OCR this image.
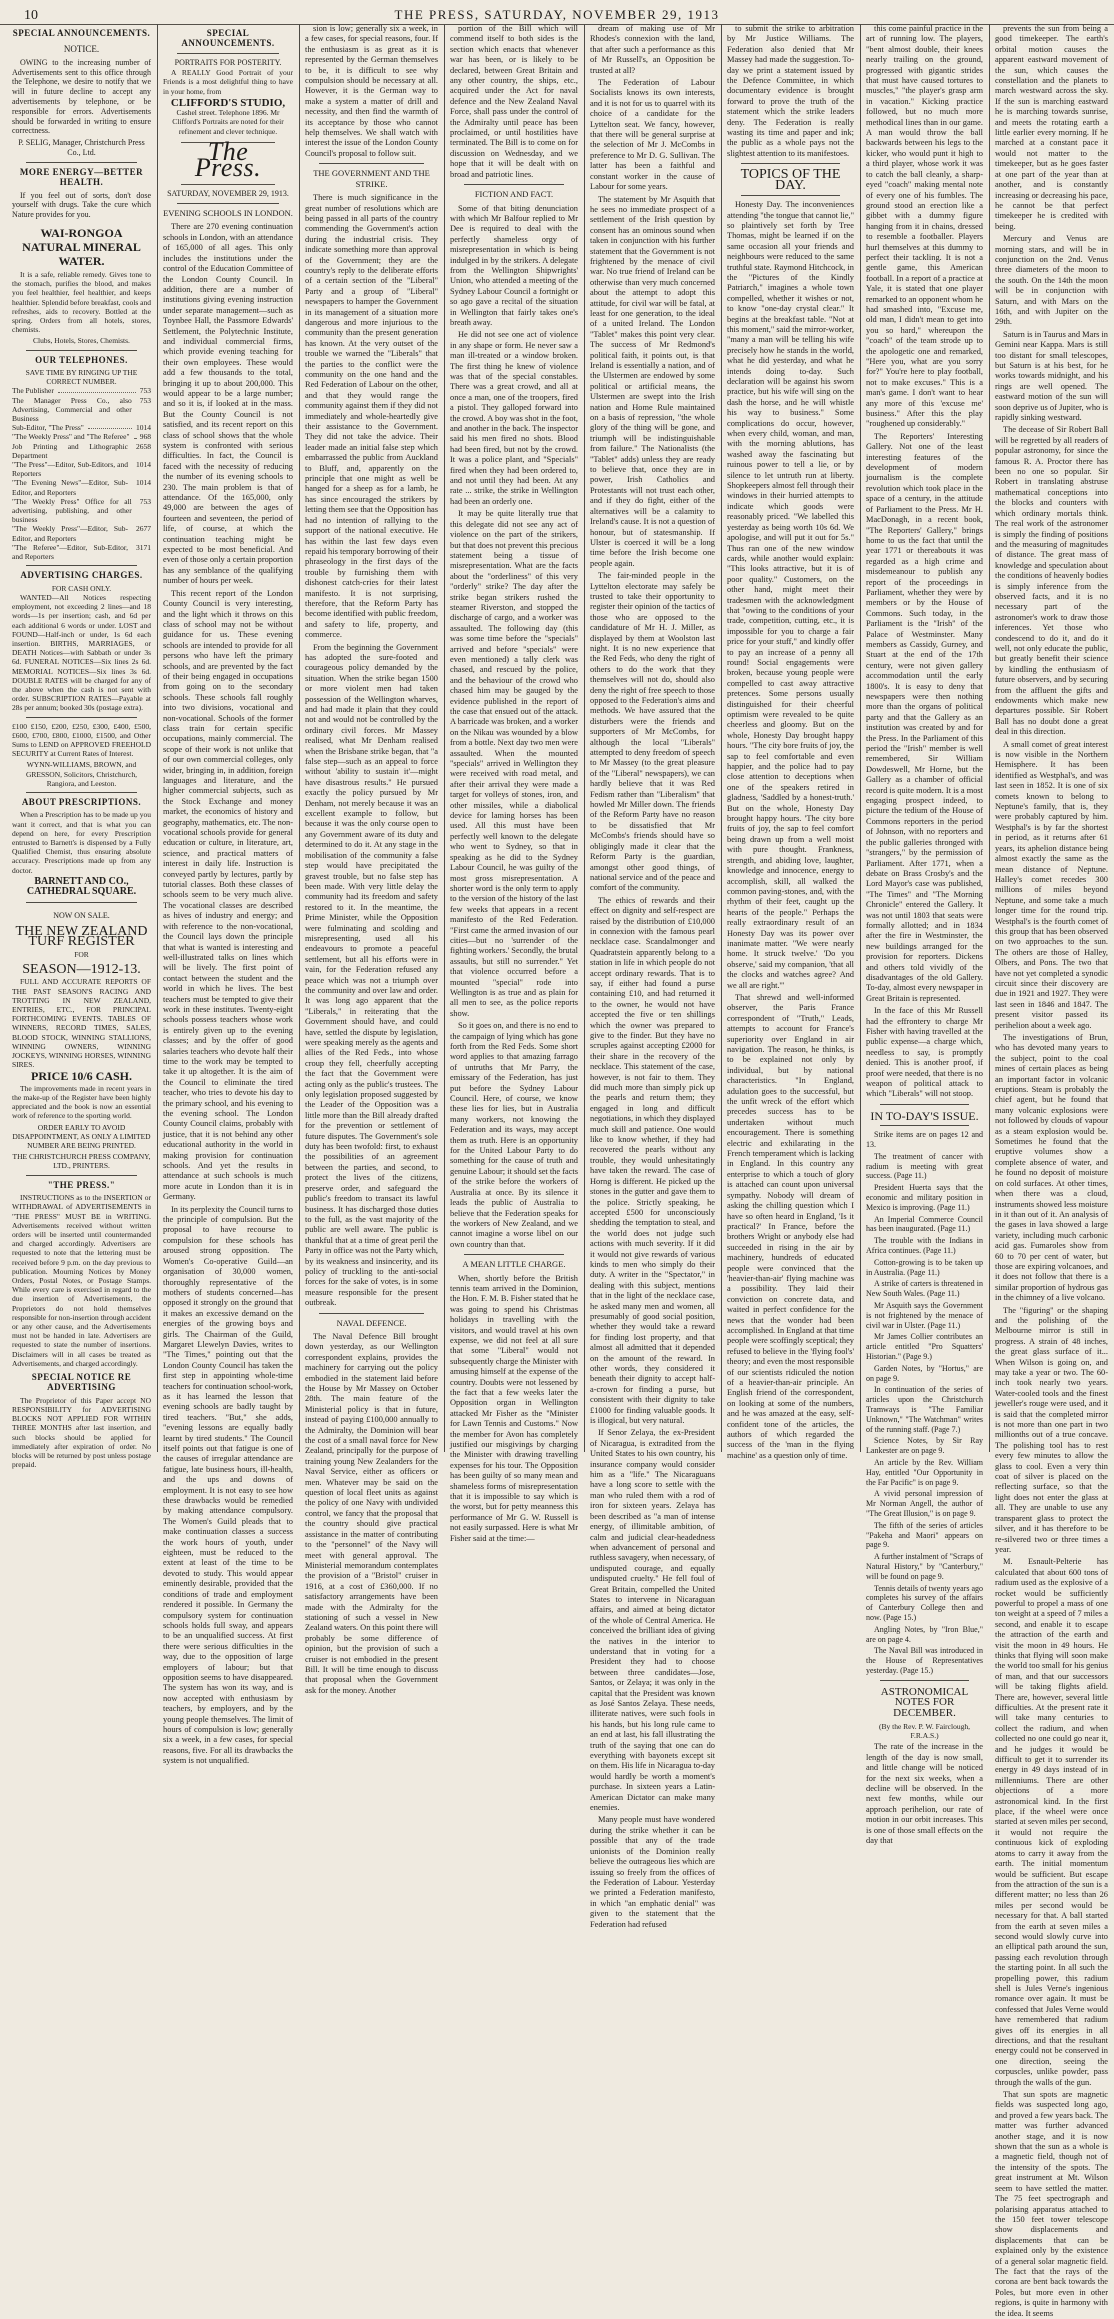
10	THE PRESS, SATURDAY, NOVEMBER 29, 1913
SPECIAL ANNOUNCEMENTS.
NOTICE.

OWING to the increasing number of Advertisements sent to this office through the Telephone, we desire to notify that we will in future decline to accept any advertisements by telephone, or be responsible for errors. Advertisements should be forwarded in writing to ensure correctness.

P. SELIG, Manager, Christchurch Press Co., Ltd.

MORE ENERGY—BETTER HEALTH.

If you feel out of sorts, don't dose yourself with drugs. Take the cure which Nature provides for you.

WAI-RONGOA NATURAL MINERAL WATER.

It is a safe, reliable remedy. Gives tone to the stomach, purifies the blood, and makes you feel healthier, feel healthier, and keeps healthier. Splendid before breakfast, cools and refreshes, aids to recovery. Bottled at the spring. Orders from all hotels, stores, chemists.

Clubs, Hotels, Stores, Chemists.

OUR TELEPHONES.
SAVE TIME BY RINGING UP THE CORRECT NUMBER.
The Publisher	753
The Manager Press Co., also Advertising, Commercial and other Business
753
Sub-Editor, "The Press"	1014
"The Weekly Press" and "The Referee" 968
Job Printing and Lithographic Department
2658
"The Press"—Editor, Sub-Editors, and Reporters
1014
"The Evening News"—Editor, Sub-Editor, and Reporters
1014
"The Weekly Press" Office for all advertising, publishing, and other business
753
"The Weekly Press"—Editor, Sub-Editor, and Reporters
2677
"The Referee"—Editor, Sub-Editor, and Reporters
3171
ADVERTISING CHARGES.
FOR CASH ONLY.

WANTED—All Notices respecting employment, not exceeding 2 lines—and 18 words—1s per insertion; cash, and 6d per each additional 6 words or under. LOST and FOUND—Half-inch or under, 1s 6d each insertion. BIRTHS, MARRIAGES, or DEATH Notices—with Sabbath or under 3s 6d. FUNERAL NOTICES—Six lines 2s 6d. MEMORIAL NOTICES—Six lines 3s 6d. DOUBLE RATES will be charged for any of the above when the cash is not sent with order. SUBSCRIPTION RATES—Payable at 28s per annum; booked 30s (postage extra).

£100 £150, £200, £250, £300, £400, £500, £600, £700, £800, £1000, £1500, and Other Sums to LEND on APPROVED FREEHOLD SECURITY at Current Rates of Interest.

WYNN-WILLIAMS, BROWN, and GRESSON, Solicitors, Christchurch, Rangiora, and Leeston.

ABOUT PRESCRIPTIONS.

When a Prescription has to be made up you want it correct, and that is what you can depend on here, for every Prescription entrusted to Barnett's is dispensed by a Fully Qualified Chemist, thus ensuring absolute accuracy. Prescriptions made up from any doctor.

BARNETT AND CO., CATHEDRAL SQUARE.

NOW ON SALE.
THE NEW ZEALAND TURF REGISTER
FOR
SEASON—1912-13.

FULL AND ACCURATE REPORTS OF THE PAST SEASON'S RACING AND TROTTING IN NEW ZEALAND, ENTRIES, ETC., FOR PRINCIPAL FORTHCOMING EVENTS. TABLES OF WINNERS, RECORD TIMES, SALES, BLOOD STOCK, WINNING STALLIONS, WINNING OWNERS, WINNING JOCKEYS, WINNING HORSES, WINNING SIRES.

PRICE 10/6 CASH.

The improvements made in recent years in the make-up of the Register have been highly appreciated and the book is now an essential work of reference to the sporting world.

ORDER EARLY TO AVOID DISAPPOINTMENT, AS ONLY A LIMITED NUMBER ARE BEING PRINTED.

THE CHRISTCHURCH PRESS COMPANY, LTD., PRINTERS.

"THE PRESS."

INSTRUCTIONS as to the INSERTION or WITHDRAWAL of ADVERTISEMENTS in "THE PRESS" MUST BE in WRITING. Advertisements received without written orders will be inserted until countermanded and charged accordingly. Advertisers are requested to note that the lettering must be received before 9 p.m. on the day previous to publication. Mourning Notices by Money Orders, Postal Notes, or Postage Stamps. While every care is exercised in regard to the due insertion of Advertisements, the Proprietors do not hold themselves responsible for non-insertion through accident or any other cause, and the Advertisements must not be handed in late. Advertisers are requested to state the number of insertions. Disclaimers will in all cases be treated as Advertisements, and charged accordingly.

SPECIAL NOTICE RE ADVERTISING

The Proprietor of this Paper accept NO RESPONSIBILITY for ADVERTISING BLOCKS NOT APPLIED FOR WITHIN THREE MONTHS after last insertion, and such blocks should be applied for immediately after expiration of order. No blocks will be returned by post unless postage prepaid.

SPECIAL ANNOUNCEMENTS.
PORTRAITS FOR POSTERITY.

A REALLY Good Portrait of your Friends is a most delightful thing to have in your home, from

CLIFFORD'S STUDIO,

Cashel street. Telephone 1896. Mr Clifford's Portraits are noted for their refinement and clever technique.

The Press.
SATURDAY, NOVEMBER 29, 1913.
EVENING SCHOOLS IN LONDON.

There are 270 evening continuation schools in London, with an attendance of 165,000 of all ages. This only includes the institutions under the control of the Education Committee of the London County Council. In addition, there are a number of institutions giving evening instruction under separate management—such as Toynbee Hall, the Passmore Edwards' Settlement, the Polytechnic Institute, and individual commercial firms, which provide evening teaching for their own employees. These would add a few thousands to the total, bringing it up to about 200,000. This would appear to be a large number; and so it is, if looked at in the mass. But the County Council is not satisfied, and its recent report on this class of school shows that the whole system is confronted with serious difficulties. In fact, the Council is faced with the necessity of reducing the number of its evening schools to 230. The main problem is that of attendance. Of the 165,000, only 49,000 are between the ages of fourteen and seventeen, the period of life, of course, at which the continuation teaching might be expected to be most beneficial. And even of those only a certain proportion has any semblance of the qualifying number of hours per week.

This recent report of the London County Council is very interesting, and the light which it throws on this class of school may not be without guidance for us. These evening schools are intended to provide for all persons who have left the primary schools, and are prevented by the fact of their being engaged in occupations from going on to the secondary schools. These schools fall roughly into two divisions, vocational and non-vocational. Schools of the former class train for certain specific occupations, mainly commercial. The scope of their work is not unlike that of our own commercial colleges, only wider, bringing in, in addition, foreign languages and literature, and the higher commercial subjects, such as the Stock Exchange and money market, the economics of history and geography, mathematics, etc. The non-vocational schools provide for general education or culture, in literature, art, science, and practical matters of interest in daily life. Instruction is conveyed partly by lectures, partly by tutorial classes. Both these classes of schools seem to be very much alive. The vocational classes are described as hives of industry and energy; and with reference to the non-vocational, the Council lays down the principle that what is wanted is interesting and well-illustrated talks on lines which will be lively. The first point of contact between the student and the world in which he lives. The best teachers must be tempted to give their work in these institutes. Twenty-eight schools possess teachers whose work is entirely given up to the evening classes; and by the offer of good salaries teachers who devote half their time to the work may be tempted to take it up altogether. It is the aim of the Council to eliminate the tired teacher, who tries to devote his day to the primary school, and his evening to the evening school. The London County Council claims, probably with justice, that it is not behind any other educational authority in the world in making provision for continuation schools. And yet the results in attendance at such schools is much more acute in London than it is in Germany.

In its perplexity the Council turns to the principle of compulsion. But the proposal to have recourse to compulsion for these schools has aroused strong opposition. The Women's Co-operative Guild—an organisation of 30,000 women, thoroughly representative of the mothers of students concerned—has opposed it strongly on the ground that it makes an excessive demand on the energies of the growing boys and girls. The Chairman of the Guild, Margaret Llewelyn Davies, writes to "The Times," pointing out that the London County Council has taken the first step in appointing whole-time teachers for continuation school-work, as it has learned the lesson that evening schools are badly taught by tired teachers. "But," she adds, "evening lessons are equally badly learnt by tired students." The Council itself points out that fatigue is one of the causes of irregular attendance are fatigue, late business hours, ill-health, and the ups and downs of employment. It is not easy to see how these drawbacks would be remedied by making attendance compulsory. The Women's Guild pleads that to make continuation classes a success the work hours of youth, under eighteen, must be reduced to the extent at least of the time to be devoted to study. This would appear eminently desirable, provided that the conditions of trade and employment rendered it possible. In Germany the compulsory system for continuation schools holds full sway, and appears to be an unqualified success. At first there were serious difficulties in the way, due to the opposition of large employers of labour; but that opposition seems to have disappeared. The system has won its way, and is now accepted with enthusiasm by teachers, by employers, and by the young people themselves. The limit of hours of compulsion is low; generally six a week, in a few cases, for special reasons, five. For all its drawbacks the system is not unqualified.

sion is low; generally six a week, in a few cases, for special reasons, four. If the enthusiasm is as great as it is represented by the German themselves to be, it is difficult to see why compulsion should be necessary at all. However, it is the German way to make a system a matter of drill and necessity, and then find the warmth of its acceptance by those who cannot help themselves. We shall watch with interest the issue of the London County Council's proposal to follow suit.

THE GOVERNMENT AND THE STRIKE.

There is much significance in the great number of resolutions which are being passed in all parts of the country commending the Government's action during the industrial crisis. They indicate something more than approval of the Government; they are the country's reply to the deliberate efforts of a certain section of the "Liberal" Party and a group of "Liberal" newspapers to hamper the Government in its management of a situation more dangerous and more injurious to the community than the present generation has known. At the very outset of the trouble we warned the "Liberals" that the parties to the conflict were the community on the one hand and the Red Federation of Labour on the other, and that they would range the community against them if they did not immediately and whole-heartedly give their assistance to the Government. They did not take the advice. Their leader made an initial false step which embarrassed the public from Auckland to Bluff, and, apparently on the principle that one might as well be hanged for a sheep as for a lamb, he has since encouraged the strikers by letting them see that the Opposition has had no intention of rallying to the support of the national executive. He has within the last few days even repaid his temporary borrowing of their phraseology in the first days of the trouble by furnishing them with dishonest catch-cries for their latest manifesto. It is not surprising, therefore, that the Reform Party has become identified with public freedom, and safety to life, property, and commerce.

From the beginning the Government has adopted the sure-footed and courageous policy demanded by the situation. When the strike began 1500 or more violent men had taken possession of the Wellington wharves, and had made it plain that they could not and would not be controlled by the ordinary civil forces. Mr Massey realised, what Mr Denham realised when the Brisbane strike began, that "a false step—such as an appeal to force without 'ability to sustain it'—might have disastrous results." He pursued exactly the policy pursued by Mr Denham, not merely because it was an excellent example to follow, but because it was the only course open to any Government aware of its duty and determined to do it. At any stage in the mobilisation of the community a false step would have precipitated the gravest trouble, but no false step has been made. With very little delay the community had its freedom and safety restored to it. In the meantime, the Prime Minister, while the Opposition were fulminating and scolding and misrepresenting, used all his endeavours to promote a peaceful settlement, but all his efforts were in vain, for the Federation refused any peace which was not a triumph over the community and over law and order. It was long ago apparent that the "Liberals," in reiterating that the Government should have, and could have, settled the dispute by legislation, were speaking merely as the agents and allies of the Red Feds., into whose croup they fell, cheerfully accepting the fact that the Government were acting only as the public's trustees. The only legislation proposed suggested by the Leader of the Opposition was a little more than the Bill already drafted for the prevention or settlement of future disputes. The Government's sole duty has been twofold: first, to exhaust the possibilities of an agreement between the parties, and second, to protect the lives of the citizens, preserve order, and safeguard the public's freedom to transact its lawful business. It has discharged those duties to the full, as the vast majority of the public are well aware. The public is thankful that at a time of great peril the Party in office was not the Party which, by its weakness and insincerity, and its policy of truckling to the anti-social forces for the sake of votes, is in some measure responsible for the present outbreak.

NAVAL DEFENCE.

The Naval Defence Bill brought down yesterday, as our Wellington correspondent explains, provides the machinery for carrying out the policy embodied in the statement laid before the House by Mr Massey on October 28th. The main feature of the Ministerial policy is that in future, instead of paying £100,000 annually to the Admiralty, the Dominion will bear the cost of a small naval force for New Zealand, principally for the purpose of training young New Zealanders for the Naval Service, either as officers or men. Whatever may be said on the question of local fleet units as against the policy of one Navy with undivided control, we fancy that the proposal that the country should give practical assistance in the matter of contributing to the "personnel" of the Navy will meet with general approval. The Ministerial memorandum contemplates the provision of a "Bristol" cruiser in 1916, at a cost of £360,000. If no satisfactory arrangements have been made with the Admiralty for the stationing of such a vessel in New Zealand waters. On this point there will probably be some difference of opinion, but the provision of such a cruiser is not embodied in the present Bill. It will be time enough to discuss that proposal when the Government ask for the money. Another

portion of the Bill which will commend itself to both sides is the section which enacts that whenever war has been, or is likely to be declared, between Great Britain and any other country, the ships, etc., acquired under the Act for naval defence and the New Zealand Naval Force, shall pass under the control of the Admiralty until peace has been proclaimed, or until hostilities have terminated. The Bill is to come on for discussion on Wednesday, and we hope that it will be dealt with on broad and patriotic lines.

FICTION AND FACT.

Some of that biting denunciation with which Mr Balfour replied to Mr Dee is required to deal with the perfectly shameless orgy of misrepresentation in which is being indulged in by the strikers. A delegate from the Wellington Shipwrights' Union, who attended a meeting of the Sydney Labour Council a fortnight or so ago gave a recital of the situation in Wellington that fairly takes one's breath away.

He did not see one act of violence in any shape or form. He never saw a man ill-treated or a window broken. The first thing he knew of violence was that of the special constables. There was a great crowd, and all at once a man, one of the troopers, fired a pistol. They galloped forward into the crowd. A boy was shot in the foot, and another in the back. The inspector said his men fired no shots. Blood had been fired, but not by the crowd. It was a police plant, and "Specials" fired when they had been ordered to, and not until they had been. At any rate ... strike, the strike in Wellington had been an orderly one.

It may be quite literally true that this delegate did not see any act of violence on the part of the strikers, but that does not prevent this precious statement being a tissue of misrepresentation. What are the facts about the "orderliness" of this very "orderly" strike? The day after the strike began strikers rushed the steamer Riverston, and stopped the discharge of cargo, and a worker was assaulted. The following day (this was some time before the "specials" arrived and before "specials" were even mentioned) a tally clerk was chased, and rescued by the police, and the behaviour of the crowd who chased him may be gauged by the evidence published in the report of the case that ensued out of the attack. A barricade was broken, and a worker on the Nikau was wounded by a blow from a bottle. Next day two men were assaulted. When the mounted "specials" arrived in Wellington they were received with road metal, and after their arrival they were made a target for volleys of stones, iron, and other missiles, while a diabolical device for laming horses has been used. All this must have been perfectly well known to the delegate who went to Sydney, so that in speaking as he did to the Sydney Labour Council, he was guilty of the most gross misrepresentation. A shorter word is the only term to apply to the version of the history of the last few weeks that appears in a recent manifesto of the Red Federation. "First came the armed invasion of our cities—but no 'surrender of the fighting workers.' Secondly, the brutal assaults, but still no surrender." Yet that violence occurred before a mounted "special" rode into Wellington is as true and as plain for all men to see, as the police reports show.

So it goes on, and there is no end to the campaign of lying which has gone forth from the Red Feds. Some short word applies to that amazing farrago of untruths that Mr Parry, the emissary of the Federation, has just put before the Sydney Labour Council. Here, of course, we know these lies for lies, but in Australia many workers, not knowing the Federation and its ways, may accept them as truth. Here is an opportunity for the United Labour Party to do something for the cause of truth and genuine Labour; it should set the facts of the strike before the workers of Australia at once. By its silence it leads the public of Australia to believe that the Federation speaks for the workers of New Zealand, and we cannot imagine a worse libel on our own country than that.

A MEAN LITTLE CHARGE.

When, shortly before the British tennis team arrived in the Dominion, the Hon. F. M. B. Fisher stated that he was going to spend his Christmas holidays in travelling with the visitors, and would travel at his own expense, we did not feel at all sure that some "Liberal" would not subsequently charge the Minister with amusing himself at the expense of the country. Doubts were not lessened by the fact that a few weeks later the Opposition organ in Wellington attacked Mr Fisher as the "Minister for Lawn Tennis and Customs." Now the member for Avon has completely justified our misgivings by charging the Minister with drawing travelling expenses for his tour. The Opposition has been guilty of so many mean and shameless forms of misrepresentation that it is impossible to say which is the worst, but for petty meanness this performance of Mr G. W. Russell is not easily surpassed. Here is what Mr Fisher said at the time:—

dream of making use of Mr Rhodes's connexion with the land, that after such a performance as this of Mr Russell's, an Opposition be trusted at all?

The Federation of Labour Socialists knows its own interests, and it is not for us to quarrel with its choice of a candidate for the Lyttelton seat. We fancy, however, that there will be general surprise at the selection of Mr J. McCombs in preference to Mr D. G. Sullivan. The latter has been a faithful and constant worker in the cause of Labour for some years.

The statement by Mr Asquith that he sees no immediate prospect of a settlement of the Irish question by consent has an ominous sound when taken in conjunction with his further statement that the Government is not frightened by the menace of civil war. No true friend of Ireland can be otherwise than very much concerned about the attempt to adopt this attitude, for civil war will be fatal, at least for one generation, to the ideal of a united Ireland. The London "Tablet" makes this point very clear. The success of Mr Redmond's political faith, it points out, is that Ireland is essentially a nation, and of the Ulstermen are endowed by some political or artificial means, the Ulstermen are swept into the Irish nation and Home Rule maintained on a basis of repression, "the whole glory of the thing will be gone, and triumph will be indistinguishable from failure." The Nationalists (the "Tablet" adds) unless they are ready to believe that, once they are in power, Irish Catholics and Protestants will not trust each other, and if they do fight, either of the alternatives will be a calamity to Ireland's cause. It is not a question of honour, but of statesmanship. If Ulster is coerced it will be a long time before the Irish become one people again.

The fair-minded people in the Lyttelton electorate may safely be trusted to take their opportunity to register their opinion of the tactics of those who are opposed to the candidature of Mr H. J. Miller, as displayed by them at Woolston last night. It is no new experience that the Red Feds, who deny the right of others to do the work that they themselves will not do, should also deny the right of free speech to those opposed to the Federation's aims and methods. We have assured that the disturbers were the friends and supporters of Mr McCombs, for although the local "Liberals" attempted to deny freedom of speech to Mr Massey (to the great pleasure of the "Liberal" newspapers), we can hardly believe that it was Red Fedism rather than "Liberalism" that howled Mr Miller down. The friends of the Reform Party have no reason to be dissatisfied that Mr McCombs's friends should have so obligingly made it clear that the Reform Party is the guardian, amongst other good things, of national service and of the peace and comfort of the community.

The ethics of rewards and their effect on dignity and self-respect are raised by the distribution of £10,000 in connexion with the famous pearl necklace case. Scandalmonger and Quadratstein apparently belong to a station in life in which people do not accept ordinary rewards. That is to say, if either had found a purse containing £10, and had returned it to the owner, he would not have accepted the five or ten shillings which the owner was prepared to give to the finder. But they have no scruples against accepting £2000 for their share in the recovery of the necklace. This statement of the case, however, is not fair to them. They did much more than simply pick up the pearls and return them; they engaged in long and difficult negotiations, in which they displayed much skill and patience. One would like to know whether, if they had recovered the pearls without any trouble, they would unhesitatingly have taken the reward. The case of Horng is different. He picked up the stones in the gutter and gave them to the police. Strictly speaking, he accepted £500 for unconsciously shedding the temptation to steal, and the world does not judge such actions with much severity. If it did it would not give rewards of various kinds to men who simply do their duty. A writer in the "Spectator," in dealing with this subject, mentions that in the light of the necklace case, he asked many men and women, all presumably of good social position, whether they would take a reward for finding lost property, and that almost all admitted that it depended on the amount of the reward. In other words, they considered it beneath their dignity to accept half-a-crown for finding a purse, but consistent with their dignity to take £1000 for finding valuable goods. It is illogical, but very natural.

If Senor Zelaya, the ex-President of Nicaragua, is extradited from the United States to his own country, his insurance company would consider him as a "life." The Nicaraguans have a long score to settle with the man who ruled them with a rod of iron for sixteen years. Zelaya has been described as "a man of intense energy, of illimitable ambition, of calm and judicial clear-headedness when advancement of personal and ruthless savagery, when necessary, of undisputed courage, and equally undisputed cruelty." He fell foul of Great Britain, compelled the United States to intervene in Nicaraguan affairs, and aimed at being dictator of the whole of Central America. He conceived the brilliant idea of giving the natives in the interior to understand that in voting for a President they had to choose between three candidates—Jose, Santos, or Zelaya; it was only in the capital that the President was known as José Santos Zelaya. These needs, illiterate natives, were such fools in his hands, but his long rule came to an end at last, his fall illustrating the truth of the saying that one can do everything with bayonets except sit on them. His life in Nicaragua to-day would hardly be worth a moment's purchase. In sixteen years a Latin-American Dictator can make many enemies.

Many people must have wondered during the strike whether it can be possible that any of the trade unionists of the Dominion really believe the outrageous lies which are issuing so freely from the offices of the Federation of Labour. Yesterday we printed a Federation manifesto, in which "an emphatic denial" was given to the statement that the Federation had refused

to submit the strike to arbitration by Mr Justice Williams. The Federation also denied that Mr Massey had made the suggestion. To-day we print a statement issued by the Defence Committee, in which documentary evidence is brought forward to prove the truth of the statement which the strike leaders deny. The Federation is really wasting its time and paper and ink; the public as a whole pays not the slightest attention to its manifestoes.

TOPICS OF THE DAY.

Honesty Day. The inconveniences attending "the tongue that cannot lie," so plaintively set forth by Tree Thomas, might be learned if on the same occasion all your friends and neighbours were reduced to the same truthful state. Raymond Hitchcock, in the "Pictures of the Kindly Patriarch," imagines a whole town compelled, whether it wishes or not, to know "one-day crystal clear." It begins at the breakfast table. "Not at this moment," said the mirror-worker, "many a man will be telling his wife precisely how he stands in the world, what he did yesterday, and what he intends doing to-day. Such declaration will be against his sworn practice, but his wife will sing on the dash the horse, and he will whistle his way to business." Some complications do occur, however, when every child, woman, and man, with the morning ablutions, has washed away the fascinating but ruinous power to tell a lie, or by silence to let untruth run at liberty. Shopkeepers almost fell through their windows in their hurried attempts to indicate which goods were reasonably priced. "We labelled this yesterday as being worth 10s 6d. We apologise, and will put it out for 5s." Thus ran one of the new window cards, while another would explain: "This looks attractive, but it is of poor quality." Customers, on the other hand, might meet their tradesmen with the acknowledgment that "owing to the conditions of your trade, competition, cutting, etc., it is impossible for you to charge a fair price for your stuff," and kindly offer to pay an increase of a penny all round! Social engagements were broken, because young people were compelled to cast away attractive pretences. Some persons usually distinguished for their cheerful optimism were revealed to be quite cheerless and gloomy. But on the whole, Honesty Day brought happy hours. "The city bore fruits of joy, the sap to feel comfortable and even happier, and the police had to pay close attention to deceptions when one of the speakers retired in gladness, 'Saddled by a honest-truth.' But on the whole, Honesty Day brought happy hours. 'The city bore fruits of joy, the sap to feel comfort being drawn up from a well moist with pure thought. Frankness, strength, and abiding love, laughter, knowledge and innocence, energy to accomplish, skill, all walked the common paving-stones, and, with the rhythm of their feet, caught up the hearts of the people." Perhaps the really extraordinary result of an Honesty Day was its power over inanimate matter. "We were nearly home. It struck twelve.' 'Do you observe,' said my companion, 'that all the clocks and watches agree? And we all are right.'"

That shrewd and well-informed observer, the Paris France correspondent of "Truth," Leads, attempts to account for France's superiority over England in air navigation. The reason, he thinks, is to be explained not only by individual, but by national characteristics. "In England, adulation goes to the successful, but the unfit wreck of the effort which precedes success has to be undertaken without much encouragement. There is something electric and exhilarating in the French temperament which is lacking in England. In this country any enterprise to which a touch of glory is attached can count upon universal sympathy. Nobody will dream of asking the chilling question which I have so often heard in England, 'Is it practical?' In France, before the brothers Wright or anybody else had succeeded in rising in the air by machinery, hundreds of educated people were convinced that the 'heavier-than-air' flying machine was a possibility. They laid their conviction on concrete data, and waited in perfect confidence for the news that the wonder had been accomplished. In England at that time people were scoffingly sceptical; they refused to believe in the 'flying fool's' theory; and even the most responsible of our scientists ridiculed the notion of a heavier-than-air principle. An English friend of the correspondent, on looking at some of the numbers, and he was amazed at the easy, self-confident tone of the articles, the authors of which regarded the success of the 'man in the flying machine' as a question only of time.

this come painful practice in the art of running low. The players, "bent almost double, their knees nearly trailing on the ground, progressed with gigantic strides that must have caused tortures to muscles," "the player's grasp arm in vacation." Kicking practice followed, but no much more methodical lines than in our game. A man would throw the ball backwards between his legs to the kicker, who would punt it high to a third player, whose work it was to catch the ball cleanly, a sharp-eyed "coach" making mental note of every one of his fumbles. The ground stood an erection like a gibbet with a dummy figure hanging from it in chains, dressed to resemble a footballer. Players hurl themselves at this dummy to perfect their tackling. It is not a gentle game, this American football. In a report of a practice at Yale, it is stated that one player remarked to an opponent whom he had smashed into, "Excuse me, old man, I didn't mean to get into you so hard," whereupon the "coach" of the team strode up to the apologetic one and remarked, "Here you, what are you sorry for?" You're here to play football, not to make excuses." This is a man's game. I don't want to hear any more of this 'excuse me' business." After this the play "roughened up considerably."

The Reporters' Interesting Gallery. Not one of the least interesting features of the development of modern journalism is the complete revolution which took place in the space of a century, in the attitude of Parliament to the Press. Mr H. MacDonagh, in a recent book, "The Reporters' Gallery," brings home to us the fact that until the year 1771 or thereabouts it was regarded as a high crime and misdemeanour to publish any report of the proceedings in Parliament, whether they were by members or by the House of Commons. Such today, in the Parliament is the "Irish" of the Palace of Westminster. Many members as Cassidy, Gurney, and Stuart at the end of the 17th century, were not given gallery accommodation until the early 1800's. It is easy to deny that newspapers were then nothing more than the organs of political party and that the Gallery as an institution was created by and for the Press. In the Parliament of this period the "Irish" member is well remembered, Sir William Dowdeswell, Mr Horne, but the Gallery as a chamber of official record is quite modern. It is a most engaging prospect indeed, to picture the tedium of the House of Commons reporters in the period of Johnson, with no reporters and the public galleries thronged with "strangers," by the permission of Parliament. After 1771, when a debate on Brass Crosby's and the Lord Mayor's case was published, "The Times" and "The Morning Chronicle" entered the Gallery. It was not until 1803 that seats were formally allotted; and in 1834 after the fire in Westminster, the new buildings arranged for the provision for reporters. Dickens and others told vividly of the disadvantages of the old Gallery. To-day, almost every newspaper in Great Britain is represented.

In the face of this Mr Russell had the effrontery to charge Mr Fisher with having travelled at the public expense—a charge which, needless to say, is promptly denied. This is another proof, if proof were needed, that there is no weapon of political attack to which "Liberals" will not stoop.

IN TO-DAY'S ISSUE.

Strike items are on pages 12 and 13.

The treatment of cancer with radium is meeting with great success. (Page 11.)

President Huerta says that the economic and military position in Mexico is improving. (Page 11.)

An Imperial Commerce Council has been inaugurated. (Page 11.)

The trouble with the Indians in Africa continues. (Page 11.)

Cotton-growing is to be taken up in Australia. (Page 11.)

A strike of carters is threatened in New South Wales. (Page 11.)

Mr Asquith says the Government is not frightened by the menace of civil war in Ulster. (Page 11.)

Mr James Collier contributes an article entitled "Pro Squatters' Historian." (Page 9.)

Garden Notes, by "Hortus," are on page 9.

In continuation of the series of articles upon the Christchurch Tramways is "The Familiar Unknown," "The Watchman" writes of the running staff. (Page 7.)

Science Notes, by Sir Ray Lankester are on page 9.

An article by the Rev. William Hay, entitled "Our Opportunity in the Far Pacific" is on page 9.

A vivid personal impression of Mr Norman Angell, the author of "The Great Illusion," is on page 9.

The fifth of the series of articles "Pakeha and Maori" appears on page 9.

A further instalment of "Scraps of Natural History," by "Canterbury," will be found on page 9.

Tennis details of twenty years ago completes his survey of the affairs of Canterbury College then and now. (Page 15.)

Angling Notes, by "Iron Blue," are on page 4.

The Naval Bill was introduced in the House of Representatives yesterday. (Page 15.)

ASTRONOMICAL NOTES FOR DECEMBER.

(By the Rev. P. W. Fairclough, F.R.A.S.)

The rate of the increase in the length of the day is now small, and little change will be noticed for the next six weeks, when a decline will be observed. In the next few months, while our approach perihelion, our rate of motion in our orbit increases. This is one of those small effects on the day that

prevents the sun from being a good timekeeper. The earth's orbital motion causes the apparent eastward movement of the sun, which causes the constellation and the planets to march westward across the sky. If the sun is marching eastward he is marching towards sunrise, and meets the rotating earth a little earlier every morning. If he marched at a constant pace it would not matter to the timekeeper, but as he goes faster at one part of the year than at another, and is constantly increasing or decreasing his pace, he cannot be that perfect timekeeper he is credited with being.

Mercury and Venus are morning stars, and will be in conjunction on the 2nd. Venus three diameters of the moon to the south. On the 14th the moon will be in conjunction with Saturn, and with Mars on the 16th, and with Jupiter on the 29th.

Saturn is in Taurus and Mars in Gemini near Kappa. Mars is still too distant for small telescopes, but Saturn is at his best, for he works towards midnight, and his rings are well opened. The eastward motion of the sun will soon deprive us of Jupiter, who is rapidly sinking westward.

The decease of Sir Robert Ball will be regretted by all readers of popular astronomy, for since the famous R. A. Proctor there has been no one so popular. Sir Robert in translating abstruse mathematical conceptions into the blocks and counters with which ordinary mortals think. The real work of the astronomer is simply the finding of positions and the measuring of magnitudes of distance. The great mass of knowledge and speculation about the conditions of heavenly bodies is simply inference from the observed facts, and it is no necessary part of the astronomer's work to draw those inferences. Yet those who condescend to do it, and do it well, not only educate the public, but greatly benefit their science by kindling the enthusiasm of future observers, and by securing from the affluent the gifts and endowments which make new departures possible. Sir Robert Ball has no doubt done a great deal in this direction.

A small comet of great interest is now visible in the Northern Hemisphere. It has been identified as Westphal's, and was last seen in 1852. It is one of six comets known to belong to Neptune's family, that is, they were probably captured by him. Westphal's is by far the shortest in period, as it returns after 61 years, its aphelion distance being almost exactly the same as the mean distance of Neptune. Halley's comet recedes 300 millions of miles beyond Neptune, and some take a much longer time for the round trip. Westphal's is the fourth comet of this group that has been observed on two approaches to the sun. The others are those of Halley, Olbers, and Pons. The two that have not yet completed a synodic circuit since their discovery are due in 1921 and 1927. They were last seen in 1846 and 1847. The present visitor passed its perihelion about a week ago.

The investigations of Brun, who has devoted many years to the subject, point to the coal mines of certain places as being an important factor in volcanic eruptions. Steam is probably the chief agent, but he found that many volcanic explosions were not followed by clouds of vapour as a steam explosion would be. Sometimes he found that the eruptive volumes show a complete absence of water, and he found no deposit of moisture on cold surfaces. At other times, when there was a cloud, instruments showed less moisture in it than out of it. An analysis of the gases in lava showed a large variety, including much carbonic acid gas. Fumaroles show from 60 to 70 per cent of water, but those are expiring volcanoes, and it does not follow that there is a similar proportion of hydrous gas in the chimney of a live volcano.

The "figuring" or the shaping and the polishing of the Melbourne mirror is still in progress. A strain of 48 inches, the great glass surface of it... When Wilson is going on, and may take a year or two. The 60-inch took nearly two years. Water-cooled tools and the finest jeweller's rouge were used, and it is said that the completed mirror is not more than one part in two millionths out of a true concave. The polishing tool has to rest every few minutes to allow the glass to cool. Even a very thin coat of silver is placed on the reflecting surface, so that the light does not enter the glass at all. They are unable to use any transparent glass to protect the silver, and it has therefore to be re-silvered two or three times a year.

M. Esnault-Pelterie has calculated that about 600 tons of radium used as the explosive of a rocket would be sufficiently powerful to propel a mass of one ton weight at a speed of 7 miles a second, and enable it to escape the attraction of the earth and visit the moon in 49 hours. He thinks that flying will soon make the world too small for his genius of man, and that our successors will be taking flights afield. There are, however, several little difficulties. At the present rate it will take many centuries to collect the radium, and when collected no one could go near it, and he judges it would be difficult to get it to surrender its energy in 49 days instead of in millenniums. There are other objections of a more astronomical kind. In the first place, if the wheel were once started at seven miles per second, it would not require the continuous kick of exploding atoms to carry it away from the earth. The initial momentum would be sufficient. But escape from the attraction of the sun is a different matter; no less than 26 miles per second would be necessary for that. A ball started from the earth at seven miles a second would slowly curve into an elliptical path around the sun, passing each revolution through the starting point. In all such the propelling power, this radium shell is Jules Verne's ingenious romance over again. It must be confessed that Jules Verne would have remembered that radium gives off its energies in all directions, and that the resultant energy could not be conserved in one direction, seeing the corpuscles, unlike powder, pass through the walls of the gun.

That sun spots are magnetic fields was suspected long ago, and proved a few years back. The matter was further advanced another stage, and it is now shown that the sun as a whole is a magnetic field, though not of the intensity of the spots. The great instrument at Mt. Wilson seem to have settled the matter. The 75 feet spectrograph and polarising apparatus attached to the 150 feet tower telescope show displacements and displacements that can be explained only by the existence of a general solar magnetic field. The fact that the rays of the corona are bent back towards the Poles, but more even in other regions, is quite in harmony with the idea. It seems
